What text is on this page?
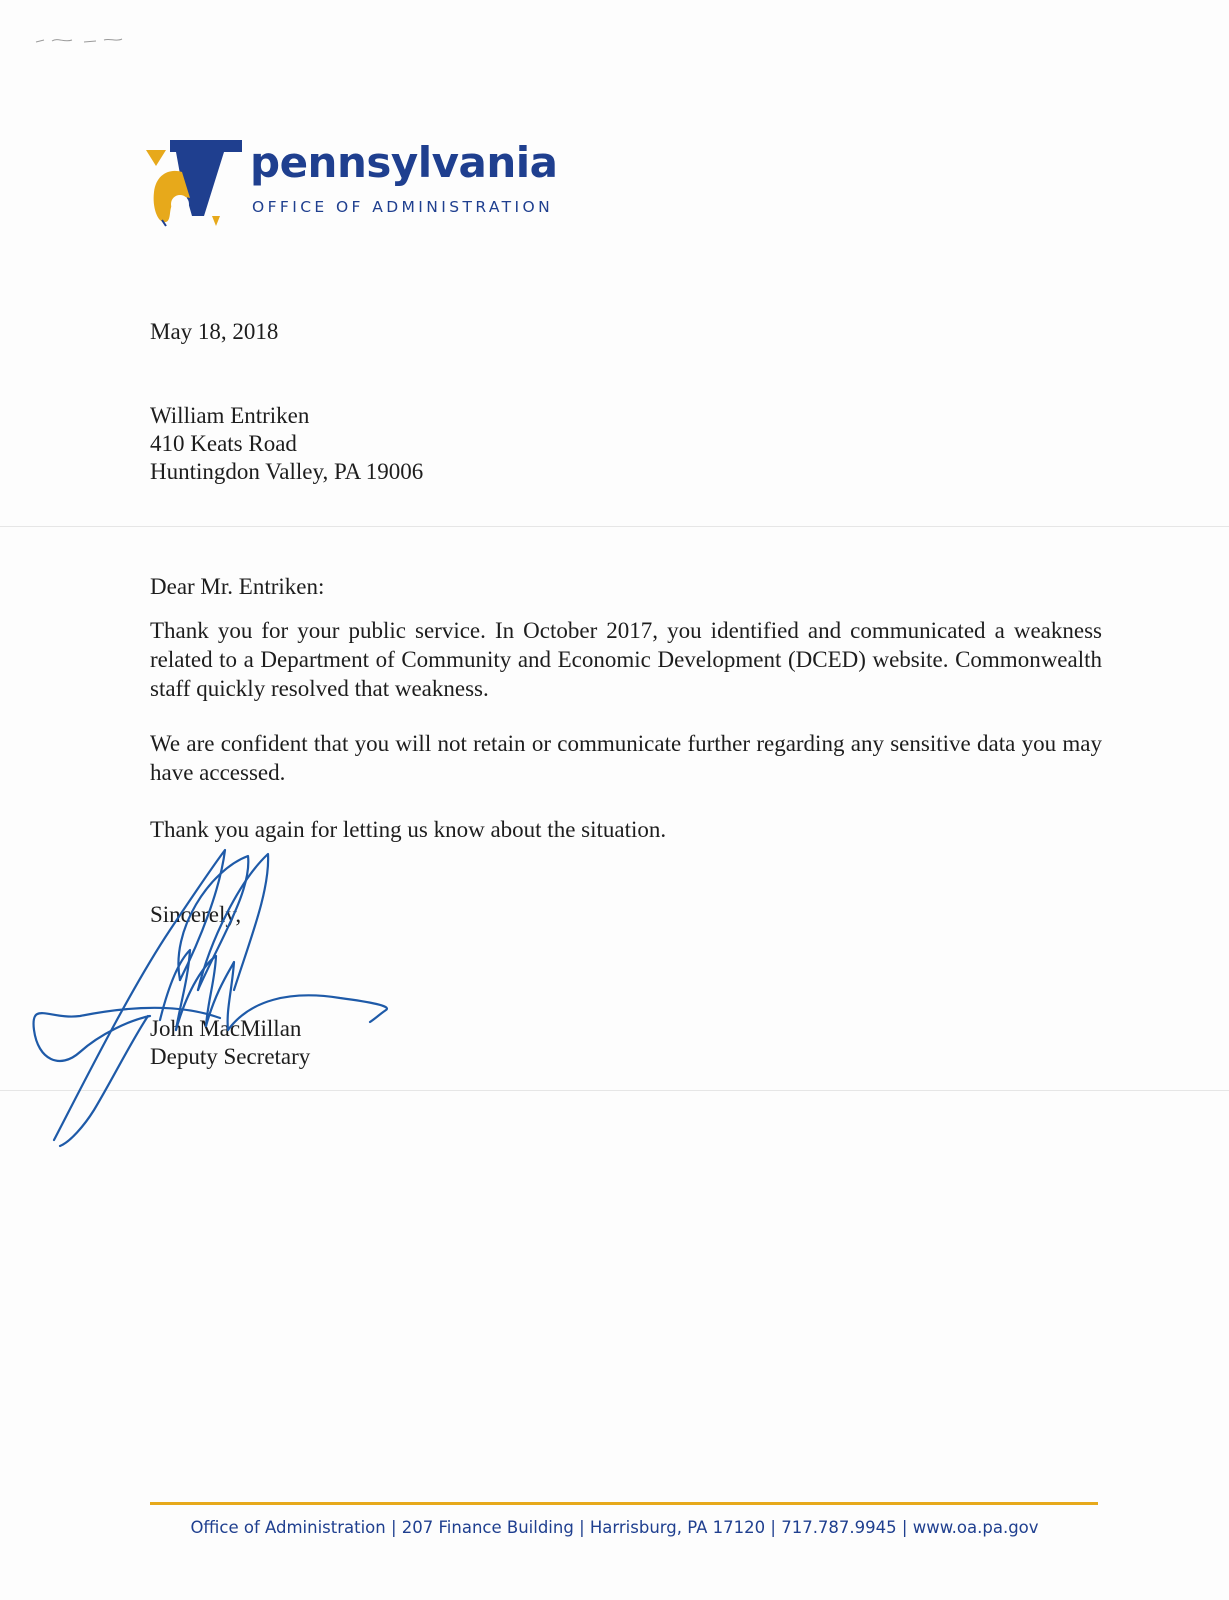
pennsylvania
OFFICE OF ADMINISTRATION
May 18, 2018
William Entriken
410 Keats Road
Huntingdon Valley, PA 19006
Dear Mr. Entriken:
Thank you for your public service. In October 2017, you identified and communicated a weakness related to a Department of Community and Economic Development (DCED) website. Commonwealth staff quickly resolved that weakness.
We are confident that you will not retain or communicate further regarding any sensitive data you may have accessed.
Thank you again for letting us know about the situation.
Sincerely,
John MacMillan
Deputy Secretary
Office of Administration | 207 Finance Building | Harrisburg, PA 17120 | 717.787.9945 | www.oa.pa.gov
